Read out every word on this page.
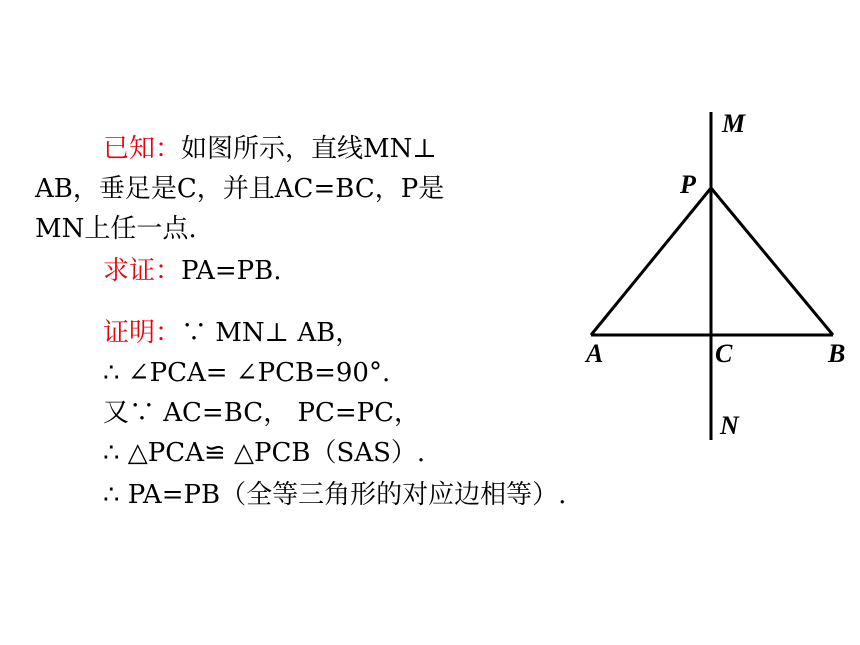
已知：如图所示，直线MN⊥
AB，垂足是C，并且AC=BC，P是
MN上任一点.
求证：PA=PB.
证明：∵ MN⊥ AB，
∴ ∠PCA= ∠PCB=90°.
又∵ AC=BC， PC=PC，
∴ △PCA≌ △PCB（SAS）.
∴ PA=PB（全等三角形的对应边相等）.
M
P
A	C	B
N
